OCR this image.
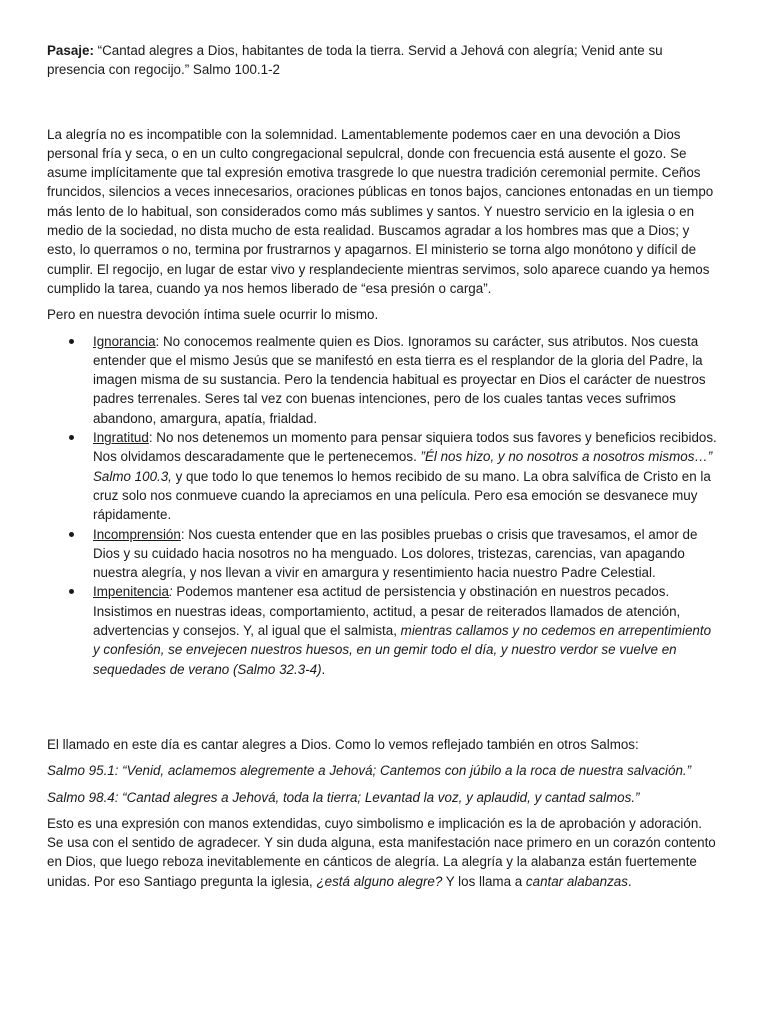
Pasaje: “Cantad alegres a Dios, habitantes de toda la tierra. Servid a Jehová con alegría; Venid ante su presencia con regocijo.” Salmo 100.1-2

La alegría no es incompatible con la solemnidad. Lamentablemente podemos caer en una devoción a Dios personal fría y seca, o en un culto congregacional sepulcral, donde con frecuencia está ausente el gozo. Se asume implícitamente que tal expresión emotiva trasgrede lo que nuestra tradición ceremonial permite. Ceños fruncidos, silencios a veces innecesarios, oraciones públicas en tonos bajos, canciones entonadas en un tiempo más lento de lo habitual, son considerados como más sublimes y santos. Y nuestro servicio en la iglesia o en medio de la sociedad, no dista mucho de esta realidad. Buscamos agradar a los hombres mas que a Dios; y esto, lo querramos o no, termina por frustrarnos y apagarnos. El ministerio se torna algo monótono y difícil de cumplir. El regocijo, en lugar de estar vivo y resplandeciente mientras servimos, solo aparece cuando ya hemos cumplido la tarea, cuando ya nos hemos liberado de “esa presión o carga”.

Pero en nuestra devoción íntima suele ocurrir lo mismo.

Ignorancia: No conocemos realmente quien es Dios. Ignoramos su carácter, sus atributos. Nos cuesta entender que el mismo Jesús que se manifestó en esta tierra es el resplandor de la gloria del Padre, la imagen misma de su sustancia. Pero la tendencia habitual es proyectar en Dios el carácter de nuestros padres terrenales. Seres tal vez con buenas intenciones, pero de los cuales tantas veces sufrimos abandono, amargura, apatía, frialdad.
Ingratitud: No nos detenemos un momento para pensar siquiera todos sus favores y beneficios recibidos. Nos olvidamos descaradamente que le pertenecemos. ”Él nos hizo, y no nosotros a nosotros mismos…” Salmo 100.3, y que todo lo que tenemos lo hemos recibido de su mano. La obra salvífica de Cristo en la cruz solo nos conmueve cuando la apreciamos en una película. Pero esa emoción se desvanece muy rápidamente.
Incomprensión: Nos cuesta entender que en las posibles pruebas o crisis que travesamos, el amor de Dios y su cuidado hacia nosotros no ha menguado. Los dolores, tristezas, carencias, van apagando nuestra alegría, y nos llevan a vivir en amargura y resentimiento hacia nuestro Padre Celestial.
Impenitencia: Podemos mantener esa actitud de persistencia y obstinación en nuestros pecados. Insistimos en nuestras ideas, comportamiento, actitud, a pesar de reiterados llamados de atención, advertencias y consejos. Y, al igual que el salmista, mientras callamos y no cedemos en arrepentimiento y confesión, se envejecen nuestros huesos, en un gemir todo el día, y nuestro verdor se vuelve en sequedades de verano (Salmo 32.3-4).

El llamado en este día es cantar alegres a Dios. Como lo vemos reflejado también en otros Salmos:

Salmo 95.1: “Venid, aclamemos alegremente a Jehová; Cantemos con júbilo a la roca de nuestra salvación.”

Salmo 98.4: “Cantad alegres a Jehová, toda la tierra; Levantad la voz, y aplaudid, y cantad salmos.”

Esto es una expresión con manos extendidas, cuyo simbolismo e implicación es la de aprobación y adoración. Se usa con el sentido de agradecer. Y sin duda alguna, esta manifestación nace primero en un corazón contento en Dios, que luego reboza inevitablemente en cánticos de alegría. La alegría y la alabanza están fuertemente unidas. Por eso Santiago pregunta la iglesia, ¿está alguno alegre? Y los llama a cantar alabanzas.
